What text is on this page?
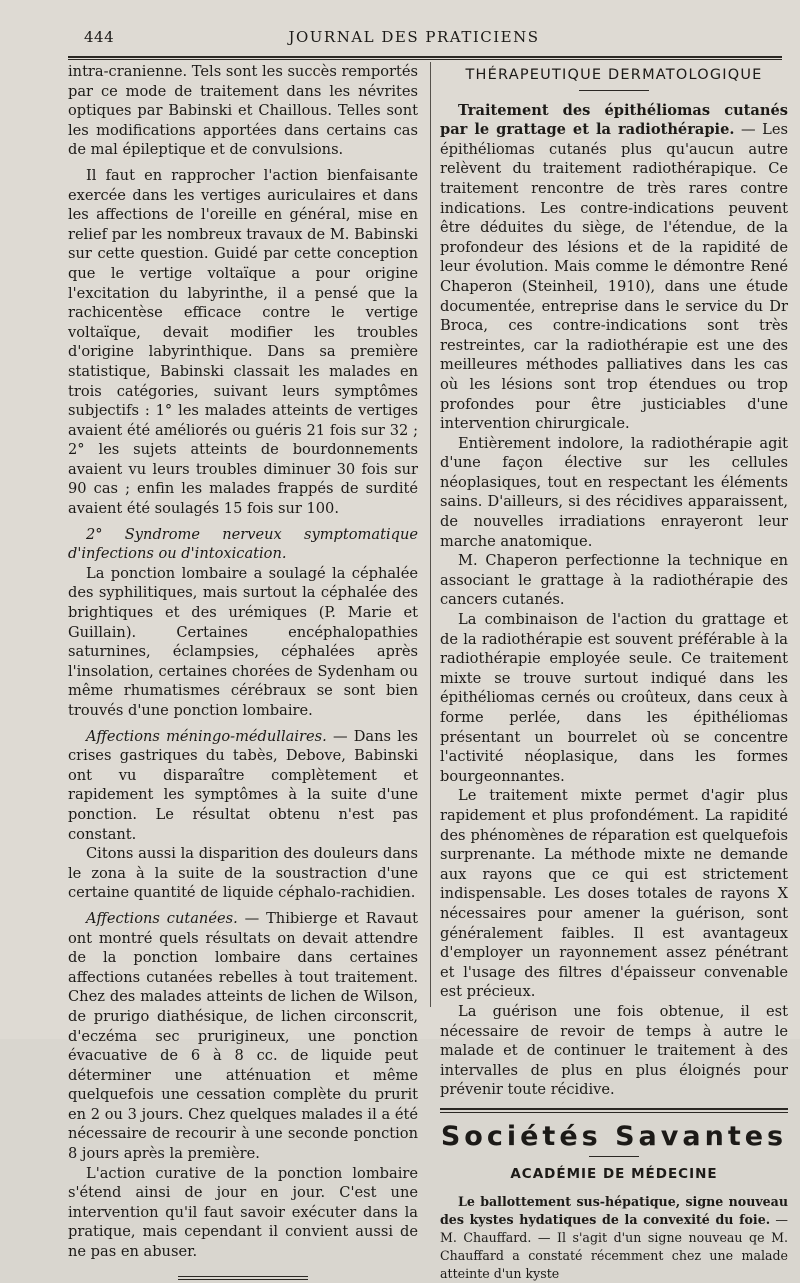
444	JOURNAL DES PRATICIENS

intra-cranienne. Tels sont les succès remportés par ce mode de traitement dans les névrites optiques par Babinski et Chaillous. Telles sont les modifications apportées dans certains cas de mal épileptique et de convulsions.

Il faut en rapprocher l'action bienfaisante exercée dans les vertiges auriculaires et dans les affections de l'oreille en général, mise en relief par les nombreux travaux de M. Babinski sur cette question. Guidé par cette conception que le vertige voltaïque a pour origine l'excitation du labyrinthe, il a pensé que la rachicentèse efficace contre le vertige voltaïque, devait modifier les troubles d'origine labyrinthique. Dans sa première statistique, Babinski classait les malades en trois catégories, suivant leurs symptômes subjectifs : 1° les malades atteints de vertiges avaient été améliorés ou guéris 21 fois sur 32 ; 2° les sujets atteints de bourdonnements avaient vu leurs troubles diminuer 30 fois sur 90 cas ; enfin les malades frappés de surdité avaient été soulagés 15 fois sur 100.

2° Syndrome nerveux symptomatique d'infections ou d'intoxication.

La ponction lombaire a soulagé la céphalée des syphilitiques, mais surtout la céphalée des brightiques et des urémiques (P. Marie et Guillain). Certaines encéphalopathies saturnines, éclampsies, céphalées après l'insolation, certaines chorées de Sydenham ou même rhumatismes cérébraux se sont bien trouvés d'une ponction lombaire.

Affections méningo-médullaires. — Dans les crises gastriques du tabès, Debove, Babinski ont vu disparaître complètement et rapidement les symptômes à la suite d'une ponction. Le résultat obtenu n'est pas constant.

Citons aussi la disparition des douleurs dans le zona à la suite de la soustraction d'une certaine quantité de liquide céphalo-rachidien.

Affections cutanées. — Thibierge et Ravaut ont montré quels résultats on devait attendre de la ponction lombaire dans certaines affections cutanées rebelles à tout traitement. Chez des malades atteints de lichen de Wilson, de prurigo diathésique, de lichen circonscrit, d'eczéma sec prurigineux, une ponction évacuative de 6 à 8 cc. de liquide peut déterminer une atténuation et même quelquefois une cessation complète du prurit en 2 ou 3 jours. Chez quelques malades il a été nécessaire de recourir à une seconde ponction 8 jours après la première.

L'action curative de la ponction lombaire s'étend ainsi de jour en jour. C'est une intervention qu'il faut savoir exécuter dans la pratique, mais cependant il convient aussi de ne pas en abuser.

THÉRAPEUTIQUE DERMATOLOGIQUE

Traitement des épithéliomas cutanés par le grattage et la radiothérapie. — Les épithéliomas cutanés plus qu'aucun autre relèvent du traitement radiothérapique. Ce traitement rencontre de très rares contre indications. Les contre-indications peuvent être déduites du siège, de l'étendue, de la profondeur des lésions et de la rapidité de leur évolution. Mais comme le démontre René Chaperon (Steinheil, 1910), dans une étude documentée, entreprise dans le service du Dr Broca, ces contre-indications sont très restreintes, car la radiothérapie est une des meilleures méthodes palliatives dans les cas où les lésions sont trop étendues ou trop profondes pour être justiciables d'une intervention chirurgicale.

Entièrement indolore, la radiothérapie agit d'une façon élective sur les cellules néoplasiques, tout en respectant les éléments sains. D'ailleurs, si des récidives apparaissent, de nouvelles irradiations enrayeront leur marche anatomique.

M. Chaperon perfectionne la technique en associant le grattage à la radiothérapie des cancers cutanés.

La combinaison de l'action du grattage et de la radiothérapie est souvent préférable à la radiothérapie employée seule. Ce traitement mixte se trouve surtout indiqué dans les épithéliomas cernés ou croûteux, dans ceux à forme perlée, dans les épithéliomas présentant un bourrelet où se concentre l'activité néoplasique, dans les formes bourgeonnantes.

Le traitement mixte permet d'agir plus rapidement et plus profondément. La rapidité des phénomènes de réparation est quelquefois surprenante. La méthode mixte ne demande aux rayons que ce qui est strictement indispensable. Les doses totales de rayons X nécessaires pour amener la guérison, sont généralement faibles. Il est avantageux d'employer un rayonnement assez pénétrant et l'usage des filtres d'épaisseur convenable est précieux.

La guérison une fois obtenue, il est nécessaire de revoir de temps à autre le malade et de continuer le traitement à des intervalles de plus en plus éloignés pour prévenir toute récidive.

Sociétés Savantes
ACADÉMIE DE MÉDECINE

Le ballottement sus-hépatique, signe nouveau des kystes hydatiques de la convexité du foie. — M. Chauffard. — Il s'agit d'un signe nouveau qe M. Chauffard a constaté récemment chez une malade atteinte d'un kyste
